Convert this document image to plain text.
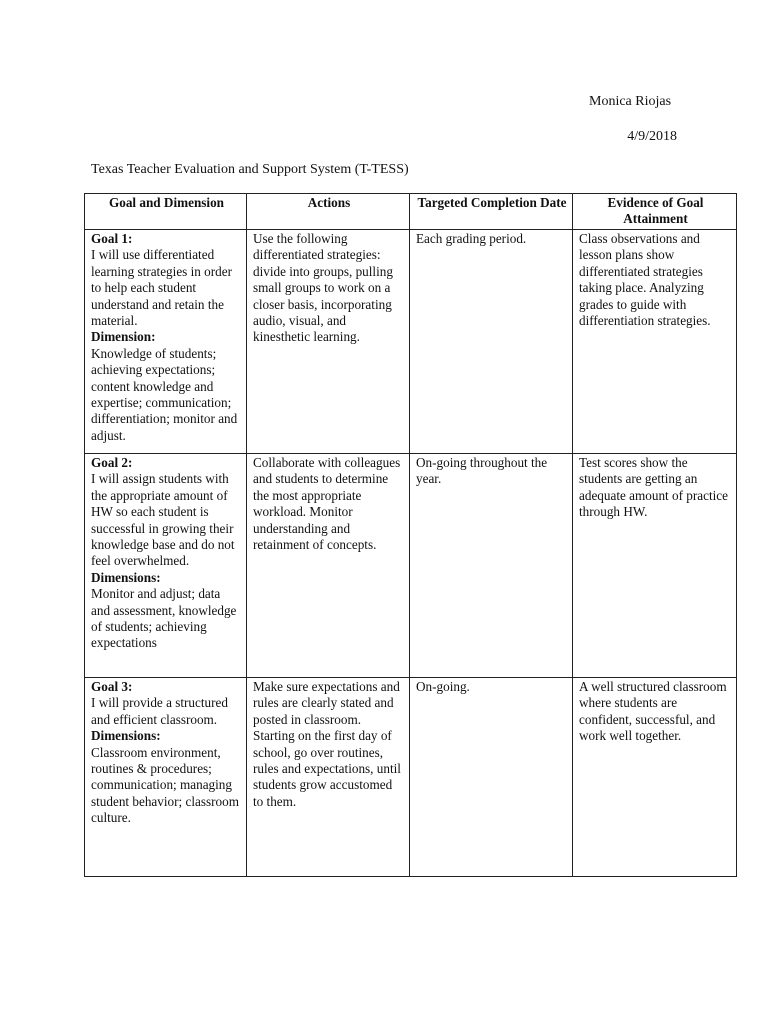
Monica Riojas
4/9/2018
Texas Teacher Evaluation and Support System (T-TESS)
Goal and Dimension	Actions	Targeted Completion Date	Evidence of Goal Attainment

Goal 1:
I will use differentiated learning strategies in order to help each student understand and retain the material.
Dimension:
Knowledge of students; achieving expectations; content knowledge and expertise; communication; differentiation; monitor and adjust.	Use the following differentiated strategies: divide into groups, pulling small groups to work on a closer basis, incorporating audio, visual, and kinesthetic learning.	Each grading period.	Class observations and lesson plans show differentiated strategies taking place. Analyzing grades to guide with differentiation strategies.

Goal 2:
I will assign students with the appropriate amount of HW so each student is successful in growing their knowledge base and do not feel overwhelmed.
Dimensions:
Monitor and adjust; data and assessment, knowledge of students; achieving expectations	Collaborate with colleagues and students to determine the most appropriate workload. Monitor understanding and retainment of concepts.	On-going throughout the year.	Test scores show the students are getting an adequate amount of practice through HW.

Goal 3:
I will provide a structured and efficient classroom.
Dimensions:
Classroom environment, routines & procedures; communication; managing student behavior; classroom culture.	Make sure expectations and rules are clearly stated and posted in classroom. Starting on the first day of school, go over routines, rules and expectations, until students grow accustomed to them.	On-going.	A well structured classroom where students are confident, successful, and work well together.
